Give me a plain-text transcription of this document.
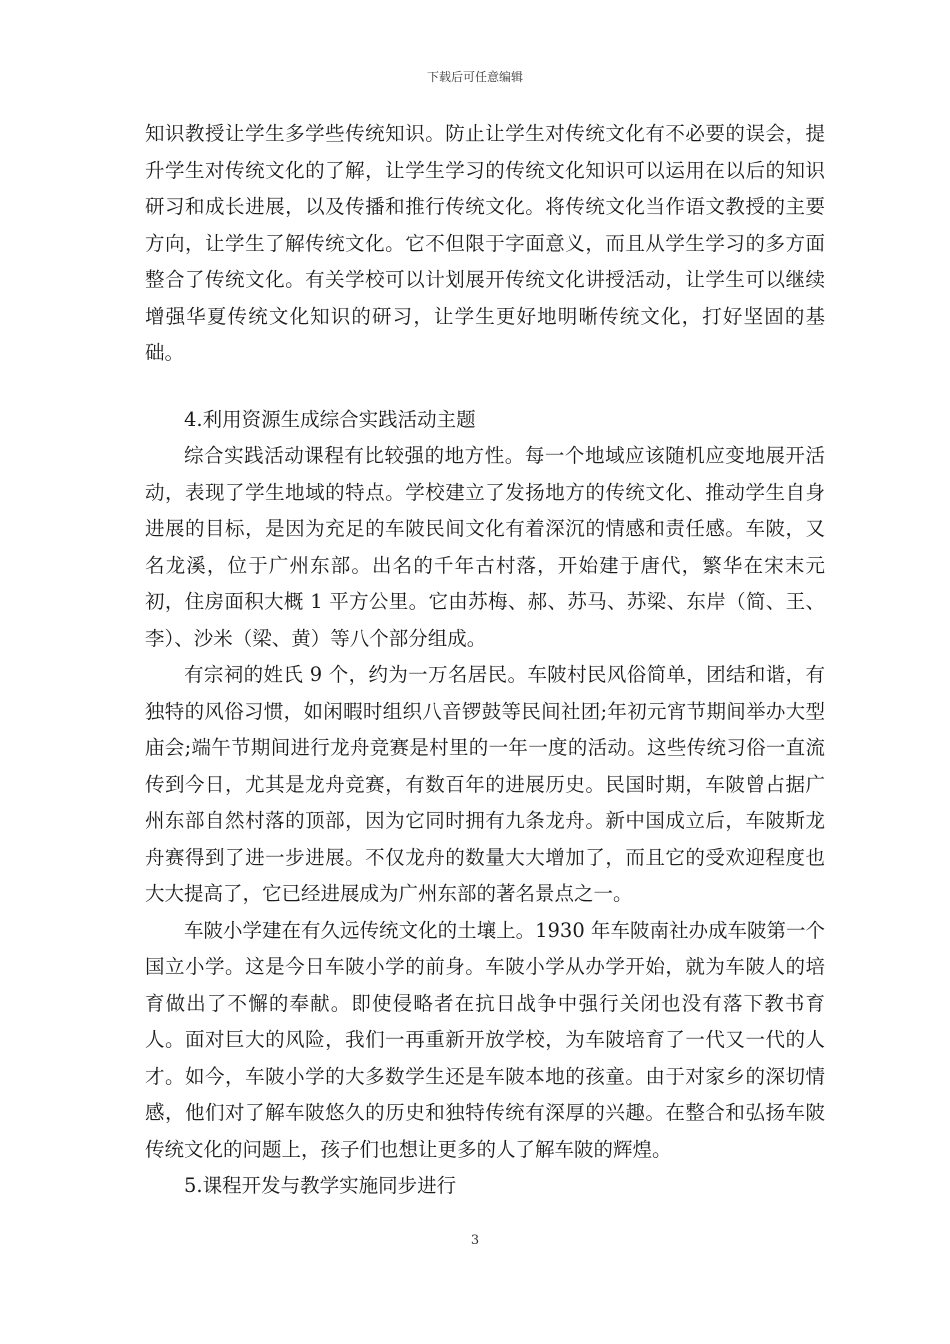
下载后可任意编辑

知识教授让学生多学些传统知识。防止让学生对传统文化有不必要的误会，提升学生对传统文化的了解，让学生学习的传统文化知识可以运用在以后的知识研习和成长进展，以及传播和推行传统文化。将传统文化当作语文教授的主要方向，让学生了解传统文化。它不但限于字面意义，而且从学生学习的多方面整合了传统文化。有关学校可以计划展开传统文化讲授活动，让学生可以继续增强华夏传统文化知识的研习，让学生更好地明晰传统文化，打好坚固的基础。

4.利用资源生成综合实践活动主题

综合实践活动课程有比较强的地方性。每一个地域应该随机应变地展开活动，表现了学生地域的特点。学校建立了发扬地方的传统文化、推动学生自身进展的目标，是因为充足的车陂民间文化有着深沉的情感和责任感。车陂，又名龙溪，位于广州东部。出名的千年古村落，开始建于唐代，繁华在宋末元初，住房面积大概 1 平方公里。它由苏梅、郝、苏马、苏梁、东岸（简、王、李）、沙米（梁、黄）等八个部分组成。

有宗祠的姓氏 9 个，约为一万名居民。车陂村民风俗简单，团结和谐，有独特的风俗习惯，如闲暇时组织八音锣鼓等民间社团;年初元宵节期间举办大型庙会;端午节期间进行龙舟竞赛是村里的一年一度的活动。这些传统习俗一直流传到今日，尤其是龙舟竞赛，有数百年的进展历史。民国时期，车陂曾占据广州东部自然村落的顶部，因为它同时拥有九条龙舟。新中国成立后，车陂斯龙舟赛得到了进一步进展。不仅龙舟的数量大大增加了，而且它的受欢迎程度也大大提高了，它已经进展成为广州东部的著名景点之一。

车陂小学建在有久远传统文化的土壤上。1930 年车陂南社办成车陂第一个国立小学。这是今日车陂小学的前身。车陂小学从办学开始，就为车陂人的培育做出了不懈的奉献。即使侵略者在抗日战争中强行关闭也没有落下教书育人。面对巨大的风险，我们一再重新开放学校，为车陂培育了一代又一代的人才。如今，车陂小学的大多数学生还是车陂本地的孩童。由于对家乡的深切情感，他们对了解车陂悠久的历史和独特传统有深厚的兴趣。在整合和弘扬车陂传统文化的问题上，孩子们也想让更多的人了解车陂的辉煌。

5.课程开发与教学实施同步进行

3
